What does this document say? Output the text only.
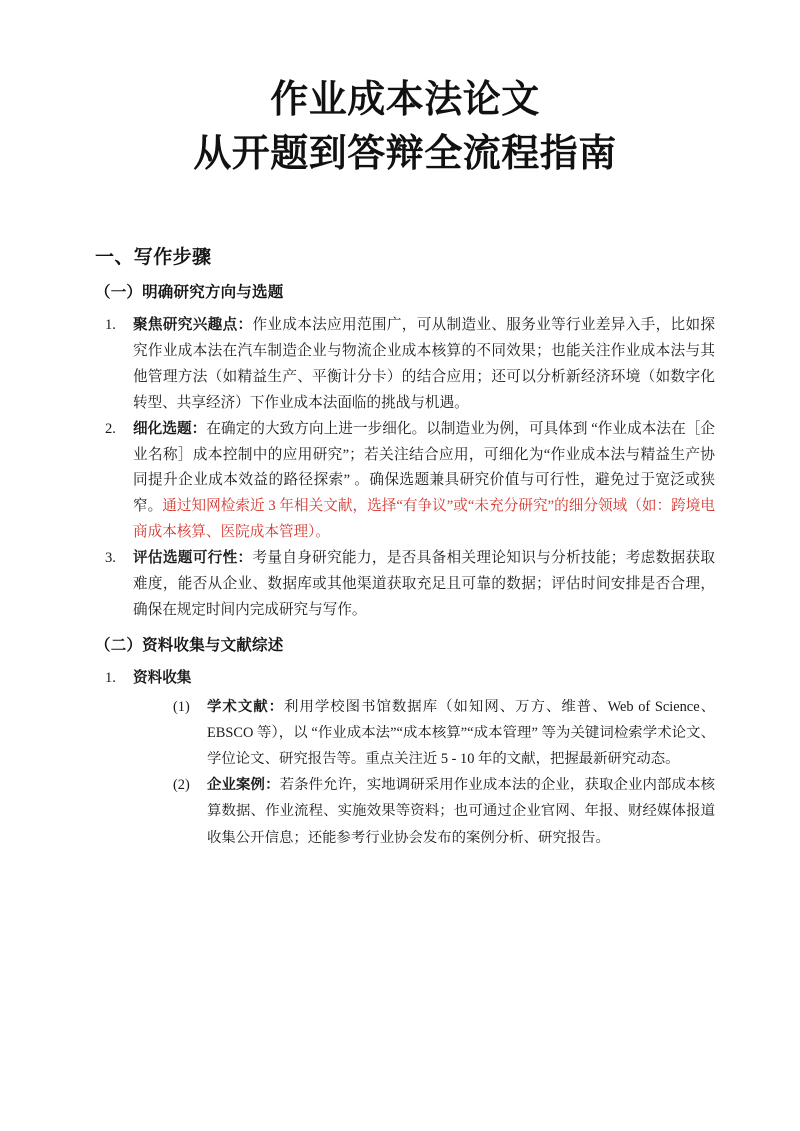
作业成本法论文
从开题到答辩全流程指南
一、写作步骤
（一）明确研究方向与选题
1.	聚焦研究兴趣点：作业成本法应用范围广，可从制造业、服务业等行业差异入手，比如探究作业成本法在汽车制造企业与物流企业成本核算的不同效果；也能关注作业成本法与其他管理方法（如精益生产、平衡计分卡）的结合应用；还可以分析新经济环境（如数字化转型、共享经济）下作业成本法面临的挑战与机遇。
2.	细化选题：在确定的大致方向上进一步细化。以制造业为例，可具体到 “作业成本法在［企业名称］成本控制中的应用研究”；若关注结合应用，可细化为“作业成本法与精益生产协同提升企业成本效益的路径探索” 。确保选题兼具研究价值与可行性，避免过于宽泛或狭窄。通过知网检索近 3 年相关文献，选择“有争议”或“未充分研究”的细分领域（如：跨境电商成本核算、医院成本管理）。
3.	评估选题可行性：考量自身研究能力，是否具备相关理论知识与分析技能；考虑数据获取难度，能否从企业、数据库或其他渠道获取充足且可靠的数据；评估时间安排是否合理，确保在规定时间内完成研究与写作。
（二）资料收集与文献综述
1.	资料收集
(1)	学术文献：利用学校图书馆数据库（如知网、万方、维普、Web of Science、EBSCO 等），以 “作业成本法”“成本核算”“成本管理” 等为关键词检索学术论文、学位论文、研究报告等。重点关注近 5 - 10 年的文献，把握最新研究动态。
(2)	企业案例：若条件允许，实地调研采用作业成本法的企业，获取企业内部成本核算数据、作业流程、实施效果等资料；也可通过企业官网、年报、财经媒体报道收集公开信息；还能参考行业协会发布的案例分析、研究报告。
